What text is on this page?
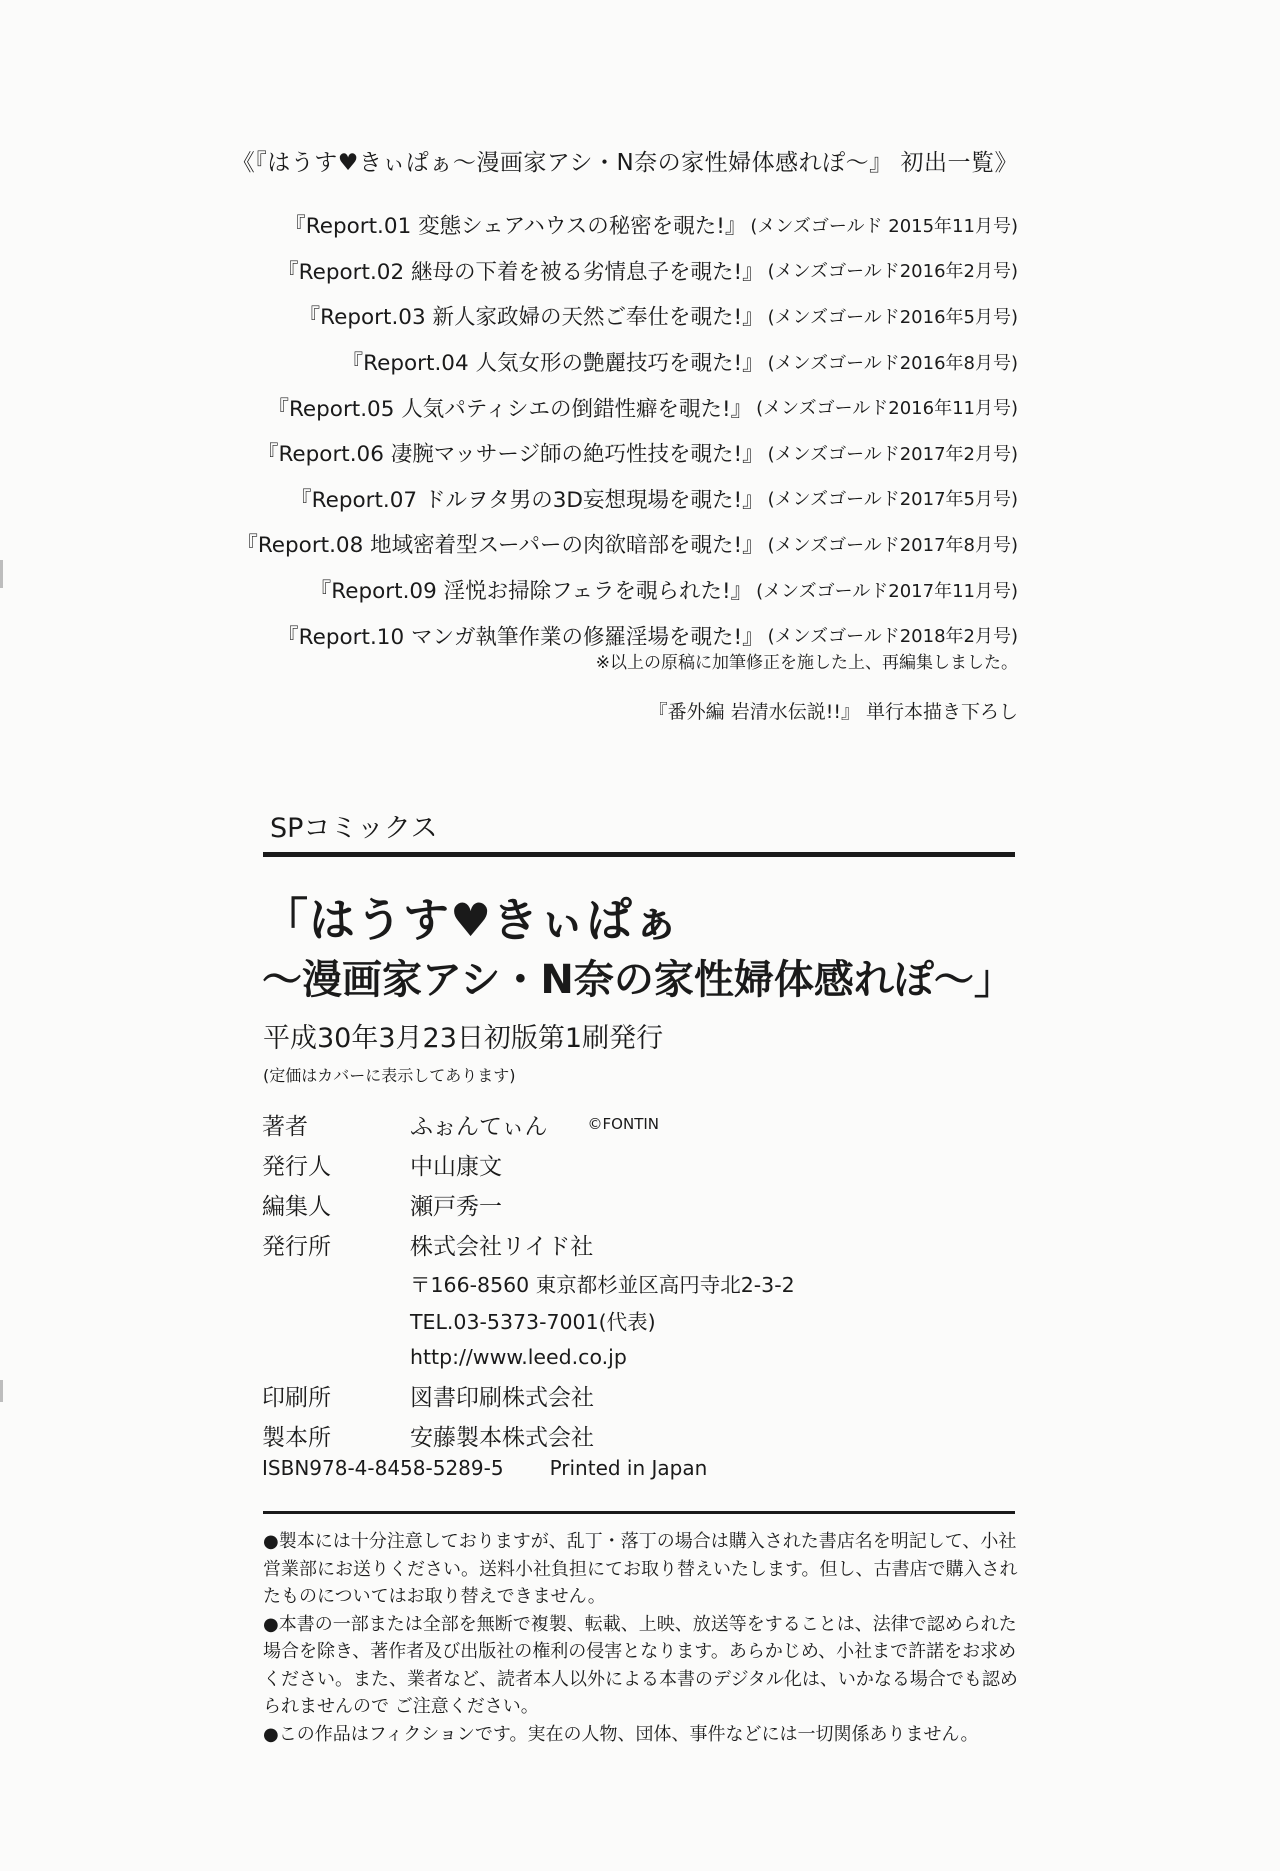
《『はうす♥きぃぱぁ～漫画家アシ・N奈の家性婦体感れぽ～』 初出一覧》
『Report.01 変態シェアハウスの秘密を覗た!』 (メンズゴールド 2015年11月号)
『Report.02 継母の下着を被る劣情息子を覗た!』 (メンズゴールド2016年2月号)
『Report.03 新人家政婦の天然ご奉仕を覗た!』 (メンズゴールド2016年5月号)
『Report.04 人気女形の艶麗技巧を覗た!』 (メンズゴールド2016年8月号)
『Report.05 人気パティシエの倒錯性癖を覗た!』 (メンズゴールド2016年11月号)
『Report.06 凄腕マッサージ師の絶巧性技を覗た!』 (メンズゴールド2017年2月号)
『Report.07 ドルヲタ男の3D妄想現場を覗た!』 (メンズゴールド2017年5月号)
『Report.08 地域密着型スーパーの肉欲暗部を覗た!』 (メンズゴールド2017年8月号)
『Report.09 淫悦お掃除フェラを覗られた!』 (メンズゴールド2017年11月号)
『Report.10 マンガ執筆作業の修羅淫場を覗た!』 (メンズゴールド2018年2月号)
※以上の原稿に加筆修正を施した上、再編集しました。
『番外編 岩清水伝説!!』 単行本描き下ろし
SPコミックス
「はうす♥きぃぱぁ
～漫画家アシ・N奈の家性婦体感れぽ～」
平成30年3月23日初版第1刷発行
(定価はカバーに表示してあります)
著者	ふぉんてぃん	©FONTIN
発行人	中山康文
編集人	瀬戸秀一
発行所	株式会社リイド社
〒166-8560 東京都杉並区高円寺北2-3-2
TEL.03-5373-7001(代表)
http://www.leed.co.jp
印刷所	図書印刷株式会社
製本所	安藤製本株式会社
ISBN978-4-8458-5289-5 Printed in Japan

●製本には十分注意しておりますが、乱丁・落丁の場合は購入された書店名を明記して、小社営業部にお送りください。送料小社負担にてお取り替えいたします。但し、古書店で購入されたものについてはお取り替えできません。

●本書の一部または全部を無断で複製、転載、上映、放送等をすることは、法律で認められた場合を除き、著作者及び出版社の権利の侵害となります。あらかじめ、小社まで許諾をお求めください。また、業者など、読者本人以外による本書のデジタル化は、いかなる場合でも認められませんので ご注意ください。

●この作品はフィクションです。実在の人物、団体、事件などには一切関係ありません。
